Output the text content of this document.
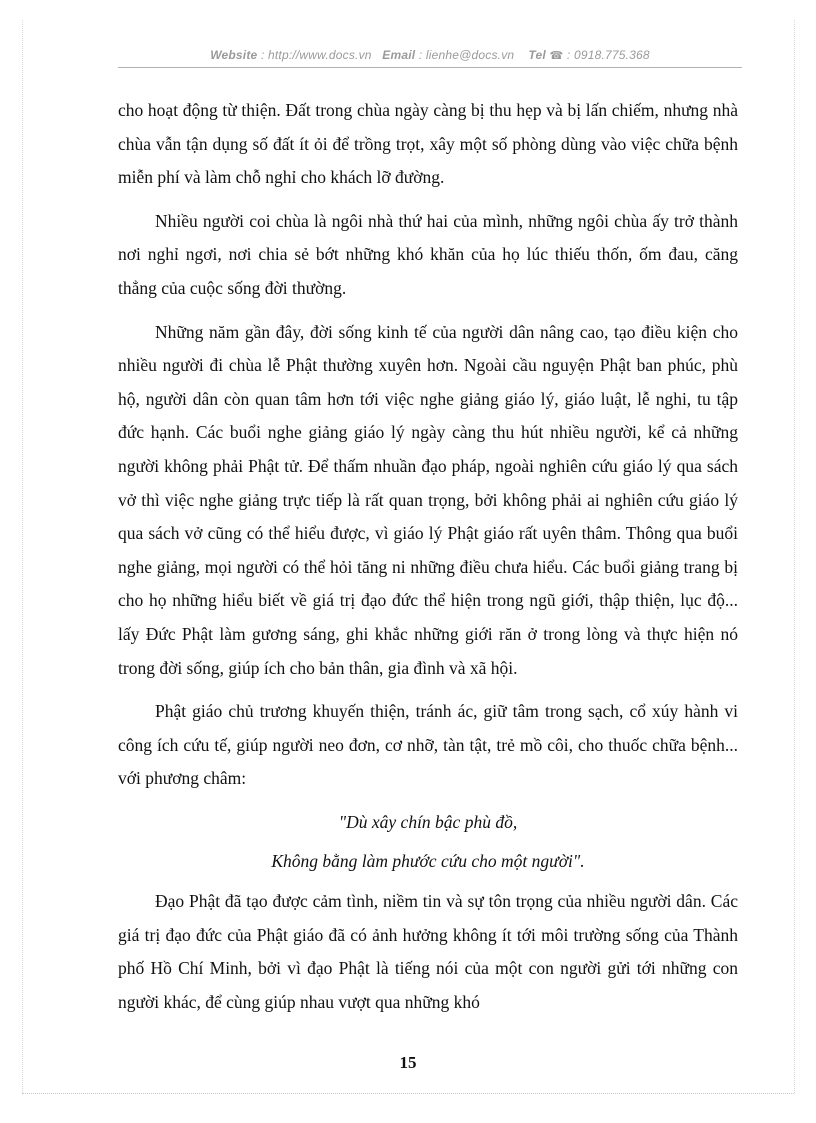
Website : http://www.docs.vn Email : lienhe@docs.vn Tel ☎ : 0918.775.368

cho hoạt động từ thiện. Đất trong chùa ngày càng bị thu hẹp và bị lấn chiếm, nhưng nhà chùa vẫn tận dụng số đất ít ỏi để trồng trọt, xây một số phòng dùng vào việc chữa bệnh miễn phí và làm chỗ nghỉ cho khách lỡ đường.

Nhiều người coi chùa là ngôi nhà thứ hai của mình, những ngôi chùa ấy trở thành nơi nghỉ ngơi, nơi chia sẻ bớt những khó khăn của họ lúc thiếu thốn, ốm đau, căng thẳng của cuộc sống đời thường.

Những năm gần đây, đời sống kinh tế của người dân nâng cao, tạo điều kiện cho nhiều người đi chùa lễ Phật thường xuyên hơn. Ngoài cầu nguyện Phật ban phúc, phù hộ, người dân còn quan tâm hơn tới việc nghe giảng giáo lý, giáo luật, lễ nghi, tu tập đức hạnh. Các buổi nghe giảng giáo lý ngày càng thu hút nhiều người, kể cả những người không phải Phật tử. Để thấm nhuần đạo pháp, ngoài nghiên cứu giáo lý qua sách vở thì việc nghe giảng trực tiếp là rất quan trọng, bởi không phải ai nghiên cứu giáo lý qua sách vở cũng có thể hiểu được, vì giáo lý Phật giáo rất uyên thâm. Thông qua buổi nghe giảng, mọi người có thể hỏi tăng ni những điều chưa hiểu. Các buổi giảng trang bị cho họ những hiểu biết về giá trị đạo đức thể hiện trong ngũ giới, thập thiện, lục độ... lấy Đức Phật làm gương sáng, ghi khắc những giới răn ở trong lòng và thực hiện nó trong đời sống, giúp ích cho bản thân, gia đình và xã hội.

Phật giáo chủ trương khuyến thiện, tránh ác, giữ tâm trong sạch, cổ xúy hành vi công ích cứu tế, giúp người neo đơn, cơ nhỡ, tàn tật, trẻ mồ côi, cho thuốc chữa bệnh... với phương châm:

"Dù xây chín bậc phù đồ,

Không bằng làm phước cứu cho một người".

Đạo Phật đã tạo được cảm tình, niềm tin và sự tôn trọng của nhiều người dân. Các giá trị đạo đức của Phật giáo đã có ảnh hưởng không ít tới môi trường sống của Thành phố Hồ Chí Minh, bởi vì đạo Phật là tiếng nói của một con người gửi tới những con người khác, để cùng giúp nhau vượt qua những khó

15
